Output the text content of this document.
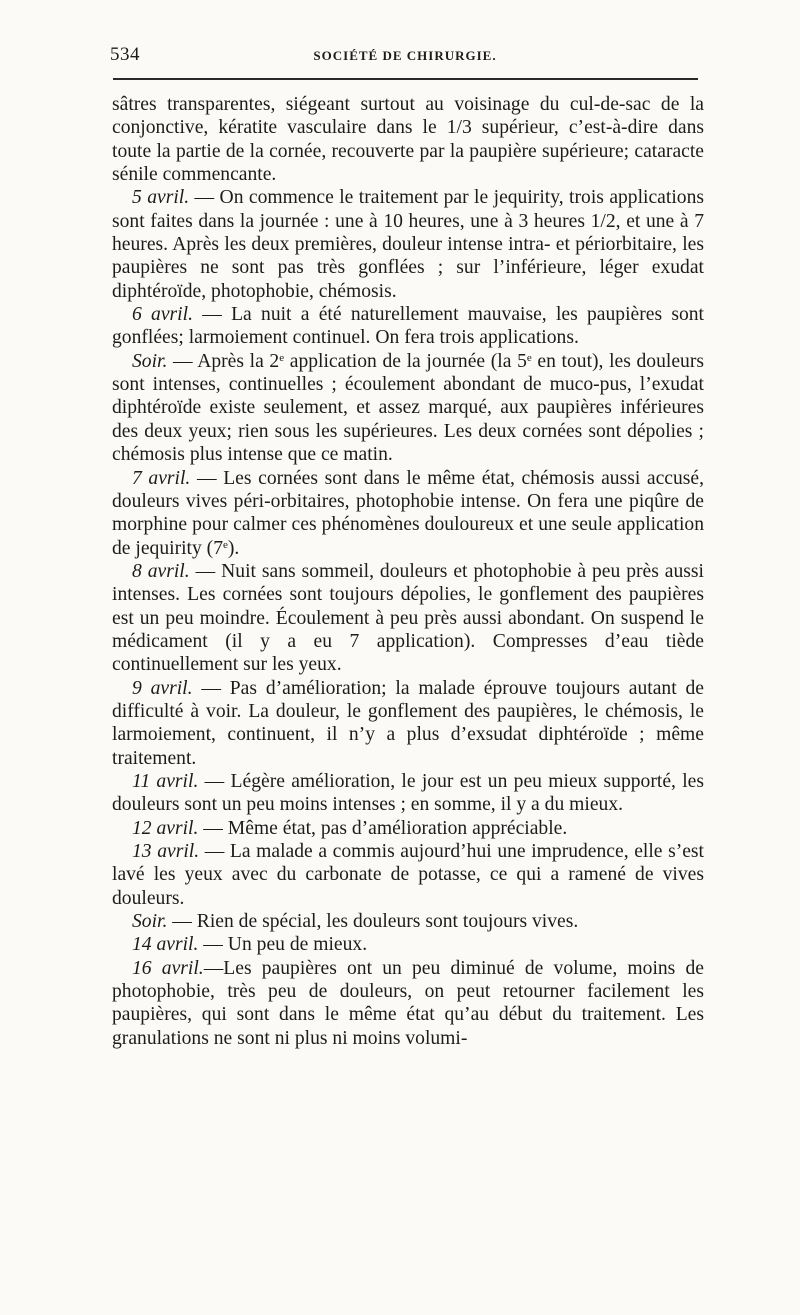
534	SOCIÉTÉ DE CHIRURGIE.

sâtres transparentes, siégeant surtout au voisinage du cul-de-sac de la conjonctive, kératite vasculaire dans le 1/3 supérieur, c’est-à-dire dans toute la partie de la cornée, recouverte par la paupière supérieure; cataracte sénile commencante.

5 avril. — On commence le traitement par le jequirity, trois applications sont faites dans la journée : une à 10 heures, une à 3 heures 1/2, et une à 7 heures. Après les deux premières, douleur intense intra- et périorbitaire, les paupières ne sont pas très gonflées ; sur l’inférieure, léger exudat diphtéroïde, photophobie, chémosis.

6 avril. — La nuit a été naturellement mauvaise, les paupières sont gonflées; larmoiement continuel. On fera trois applications.

Soir. — Après la 2e application de la journée (la 5e en tout), les douleurs sont intenses, continuelles ; écoulement abondant de muco-pus, l’exudat diphtéroïde existe seulement, et assez marqué, aux paupières inférieures des deux yeux; rien sous les supérieures. Les deux cornées sont dépolies ; chémosis plus intense que ce matin.

7 avril. — Les cornées sont dans le même état, chémosis aussi accusé, douleurs vives péri-orbitaires, photophobie intense. On fera une piqûre de morphine pour calmer ces phénomènes douloureux et une seule application de jequirity (7e).

8 avril. — Nuit sans sommeil, douleurs et photophobie à peu près aussi intenses. Les cornées sont toujours dépolies, le gonflement des paupières est un peu moindre. Écoulement à peu près aussi abondant. On suspend le médicament (il y a eu 7 application). Compresses d’eau tiède continuellement sur les yeux.

9 avril. — Pas d’amélioration; la malade éprouve toujours autant de difficulté à voir. La douleur, le gonflement des paupières, le chémosis, le larmoiement, continuent, il n’y a plus d’exsudat diphtéroïde ; même traitement.

11 avril. — Légère amélioration, le jour est un peu mieux supporté, les douleurs sont un peu moins intenses ; en somme, il y a du mieux.

12 avril. — Même état, pas d’amélioration appréciable.

13 avril. — La malade a commis aujourd’hui une imprudence, elle s’est lavé les yeux avec du carbonate de potasse, ce qui a ramené de vives douleurs.

Soir. — Rien de spécial, les douleurs sont toujours vives.

14 avril. — Un peu de mieux.

16 avril.—Les paupières ont un peu diminué de volume, moins de photophobie, très peu de douleurs, on peut retourner facilement les paupières, qui sont dans le même état qu’au début du traitement. Les granulations ne sont ni plus ni moins volumi-
